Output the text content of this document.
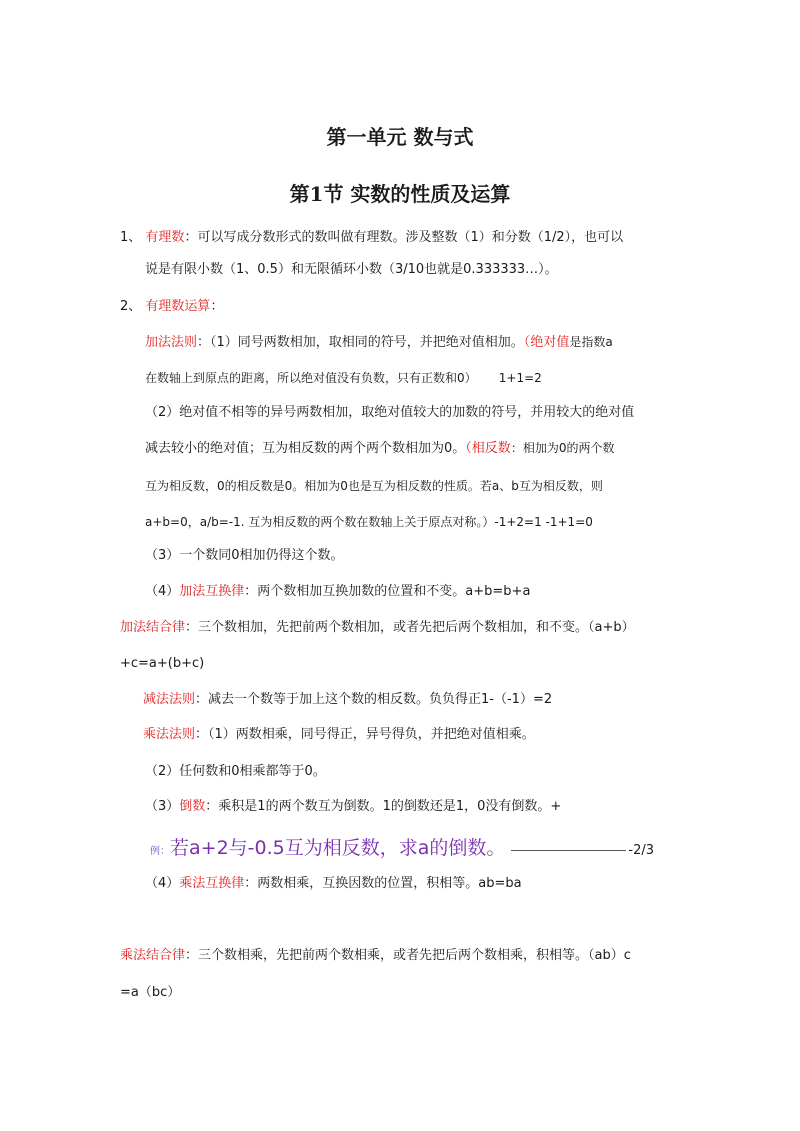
第一单元 数与式
第1节 实数的性质及运算
1、 有理数：可以写成分数形式的数叫做有理数。涉及整数（1）和分数（1/2），也可以
说是有限小数（1、0.5）和无限循环小数（3/10也就是0.333333…）。
2、 有理数运算：
加法法则：（1）同号两数相加，取相同的符号，并把绝对值相加。（绝对值是指数a
在数轴上到原点的距离，所以绝对值没有负数，只有正数和0） 1+1=2
（2）绝对值不相等的异号两数相加，取绝对值较大的加数的符号，并用较大的绝对值
减去较小的绝对值；互为相反数的两个两个数相加为0。（相反数：相加为0的两个数
互为相反数，0的相反数是0。相加为0也是互为相反数的性质。若a、b互为相反数，则
a+b=0，a/b=-1. 互为相反数的两个数在数轴上关于原点对称。）-1+2=1 -1+1=0
（3）一个数同0相加仍得这个数。
（4）加法互换律：两个数相加互换加数的位置和不变。a+b=b+a
加法结合律：三个数相加，先把前两个数相加，或者先把后两个数相加，和不变。（a+b）
+c=a+(b+c)
减法法则：减去一个数等于加上这个数的相反数。负负得正1-（-1）=2
乘法法则：（1）两数相乘，同号得正，异号得负，并把绝对值相乘。
（2）任何数和0相乘都等于0。
（3）倒数：乘积是1的两个数互为倒数。1的倒数还是1，0没有倒数。+
例：若a+2与-0.5互为相反数，求a的倒数。	-2/3
（4）乘法互换律：两数相乘，互换因数的位置，积相等。ab=ba
乘法结合律：三个数相乘，先把前两个数相乘，或者先把后两个数相乘，积相等。（ab）c
=a（bc）
